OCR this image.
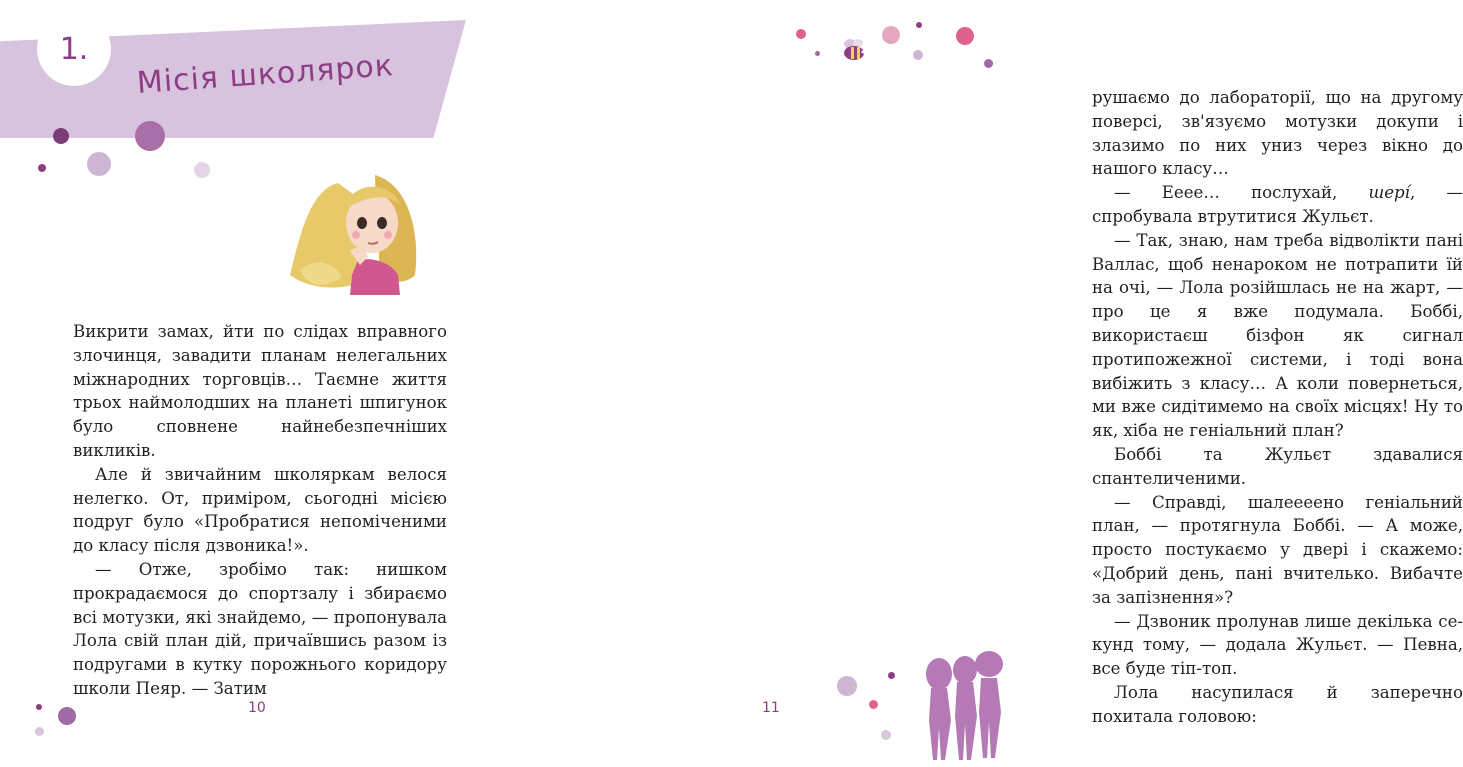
1. Місія школярок

Викрити замах, йти по слідах вправного злочинця, завадити планам нелегальних міжнародних торговців… Таємне життя трьох наймолодших на планеті шпигунок було сповнене найнебезпечніших викликів.

Але й звичайним школяркам велося нелегко. От, приміром, сьогодні місією подруг було «Пробратися непоміченими до класу після дзвоника!».

— Отже, зробімо так: нишком прокрадаємося до спортзалу і збираємо всі мотузки, які знайдемо, — пропонувала Лола свій план дій, причаївшись разом із подругами в кутку порожнього коридору школи Пеяр. — Затим

10

рушаємо до лабораторії, що на другому поверсі, зв'язуємо мотузки докупи і злазимо по них униз через вікно до нашого класу…

— Ееее… послухай, шері́, — спробувала втрутитися Жульєт.

— Так, знаю, нам треба відволікти пані Валлас, щоб ненароком не потрапити їй на очі, — Лола розійшлась не на жарт, — про це я вже подумала. Боббі, використаєш бізфон як сигнал протипожежної системи, і тоді вона вибіжить з класу… А коли повернеться, ми вже сидітимемо на своїх місцях! Ну то як, хіба не геніальний план?

Боббі та Жульєт здавалися спантеличеними.

— Справді, шалеееено геніальний план, — протягнула Боббі. — А може, просто постукаємо у двері і скажемо: «Добрий день, пані вчителько. Вибачте за запізнення»?

— Дзвоник пролунав лише декілька секунд тому, — додала Жульєт. — Певна, все буде тіп-топ.

Лола насупилася й заперечно похитала головою:

11
